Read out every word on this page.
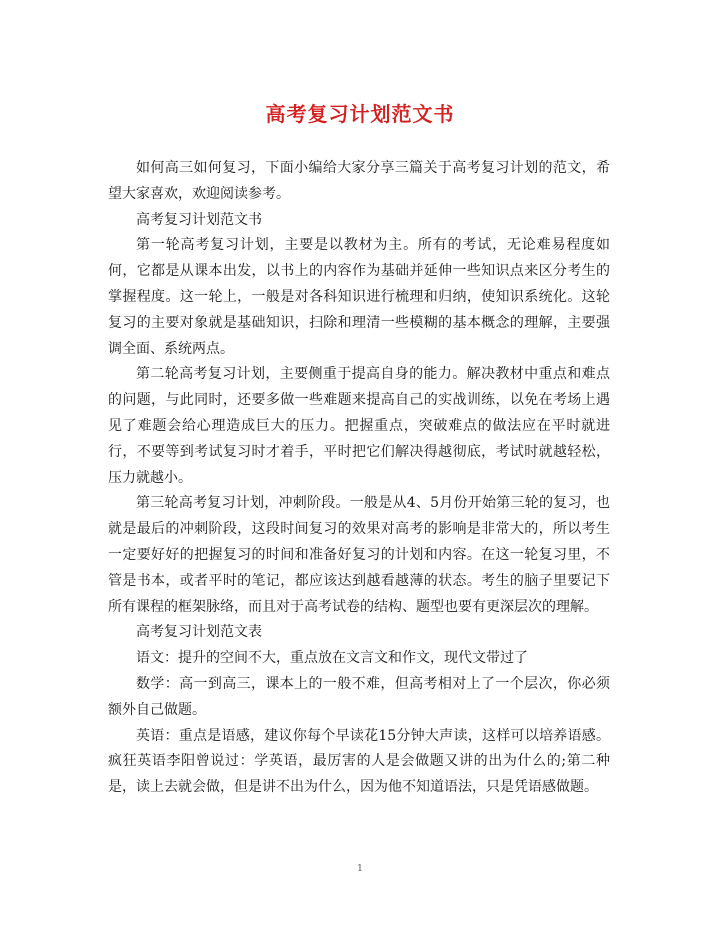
高考复习计划范文书

如何高三如何复习，下面小编给大家分享三篇关于高考复习计划的范文，希望大家喜欢，欢迎阅读参考。

高考复习计划范文书

第一轮高考复习计划，主要是以教材为主。所有的考试，无论难易程度如何，它都是从课本出发，以书上的内容作为基础并延伸一些知识点来区分考生的掌握程度。这一轮上，一般是对各科知识进行梳理和归纳，使知识系统化。这轮复习的主要对象就是基础知识，扫除和理清一些模糊的基本概念的理解，主要强调全面、系统两点。

第二轮高考复习计划，主要侧重于提高自身的能力。解决教材中重点和难点的问题，与此同时，还要多做一些难题来提高自己的实战训练，以免在考场上遇见了难题会给心理造成巨大的压力。把握重点，突破难点的做法应在平时就进行，不要等到考试复习时才着手，平时把它们解决得越彻底，考试时就越轻松，压力就越小。

第三轮高考复习计划，冲刺阶段。一般是从4、5月份开始第三轮的复习，也就是最后的冲刺阶段，这段时间复习的效果对高考的影响是非常大的，所以考生一定要好好的把握复习的时间和准备好复习的计划和内容。在这一轮复习里，不管是书本，或者平时的笔记，都应该达到越看越薄的状态。考生的脑子里要记下所有课程的框架脉络，而且对于高考试卷的结构、题型也要有更深层次的理解。

高考复习计划范文表

语文：提升的空间不大，重点放在文言文和作文，现代文带过了

数学：高一到高三，课本上的一般不难，但高考相对上了一个层次，你必须额外自己做题。

英语：重点是语感，建议你每个早读花15分钟大声读，这样可以培养语感。疯狂英语李阳曾说过：学英语，最厉害的人是会做题又讲的出为什么的;第二种是，读上去就会做，但是讲不出为什么，因为他不知道语法，只是凭语感做题。

1
